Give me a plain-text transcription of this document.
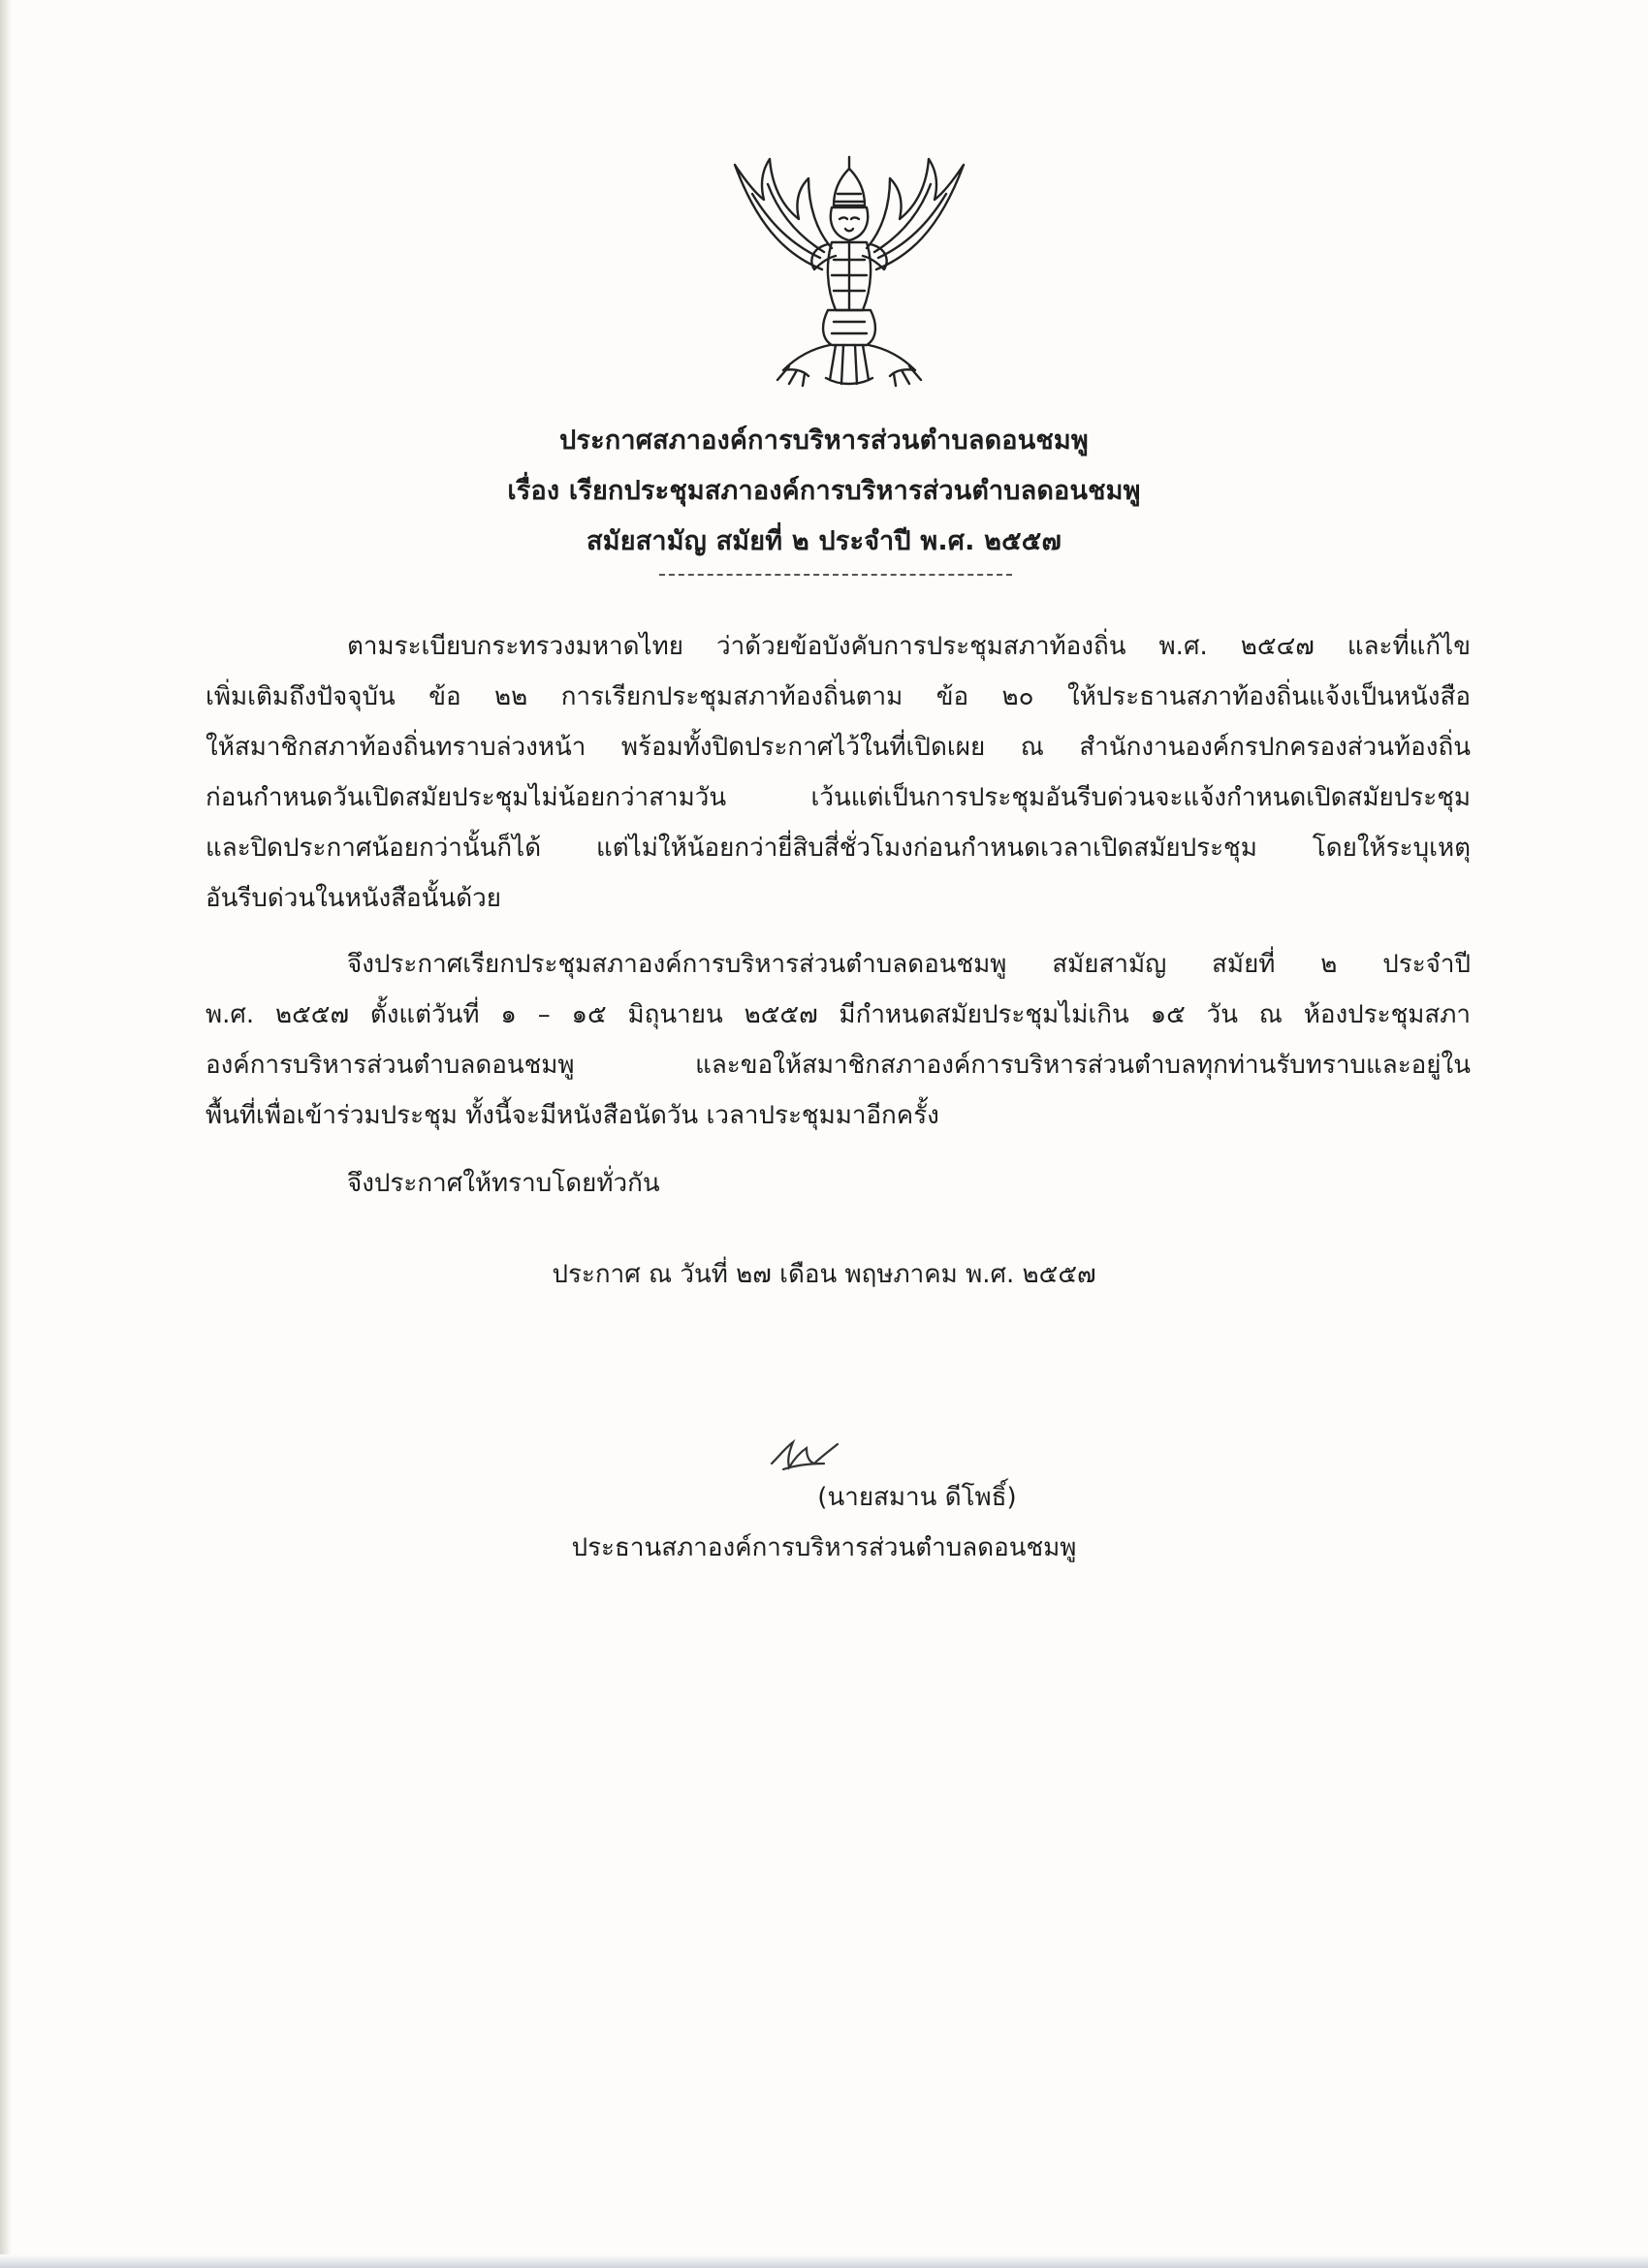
ประกาศสภาองค์การบริหารส่วนตำบลดอนชมพู
เรื่อง เรียกประชุมสภาองค์การบริหารส่วนตำบลดอนชมพู
สมัยสามัญ สมัยที่ ๒ ประจำปี พ.ศ. ๒๕๕๗
ตามระเบียบกระทรวงมหาดไทย ว่าด้วยข้อบังคับการประชุมสภาท้องถิ่น พ.ศ. ๒๕๔๗ และที่แก้ไข
เพิ่มเติมถึงปัจจุบัน ข้อ ๒๒ การเรียกประชุมสภาท้องถิ่นตาม ข้อ ๒๐ ให้ประธานสภาท้องถิ่นแจ้งเป็นหนังสือ
ให้สมาชิกสภาท้องถิ่นทราบล่วงหน้า พร้อมทั้งปิดประกาศไว้ในที่เปิดเผย ณ สำนักงานองค์กรปกครองส่วนท้องถิ่น
ก่อนกำหนดวันเปิดสมัยประชุมไม่น้อยกว่าสามวัน เว้นแต่เป็นการประชุมอันรีบด่วนจะแจ้งกำหนดเปิดสมัยประชุม
และปิดประกาศน้อยกว่านั้นก็ได้ แต่ไม่ให้น้อยกว่ายี่สิบสี่ชั่วโมงก่อนกำหนดเวลาเปิดสมัยประชุม โดยให้ระบุเหตุ
อันรีบด่วนในหนังสือนั้นด้วย
จึงประกาศเรียกประชุมสภาองค์การบริหารส่วนตำบลดอนชมพู สมัยสามัญ สมัยที่ ๒ ประจำปี
พ.ศ. ๒๕๕๗ ตั้งแต่วันที่ ๑ – ๑๕ มิถุนายน ๒๕๕๗ มีกำหนดสมัยประชุมไม่เกิน ๑๕ วัน ณ ห้องประชุมสภา
องค์การบริหารส่วนตำบลดอนชมพู และขอให้สมาชิกสภาองค์การบริหารส่วนตำบลทุกท่านรับทราบและอยู่ใน
พื้นที่เพื่อเข้าร่วมประชุม ทั้งนี้จะมีหนังสือนัดวัน เวลาประชุมมาอีกครั้ง
จึงประกาศให้ทราบโดยทั่วกัน
ประกาศ ณ วันที่ ๒๗ เดือน พฤษภาคม พ.ศ. ๒๕๕๗
(นายสมาน ดีโพธิ์)
ประธานสภาองค์การบริหารส่วนตำบลดอนชมพู
